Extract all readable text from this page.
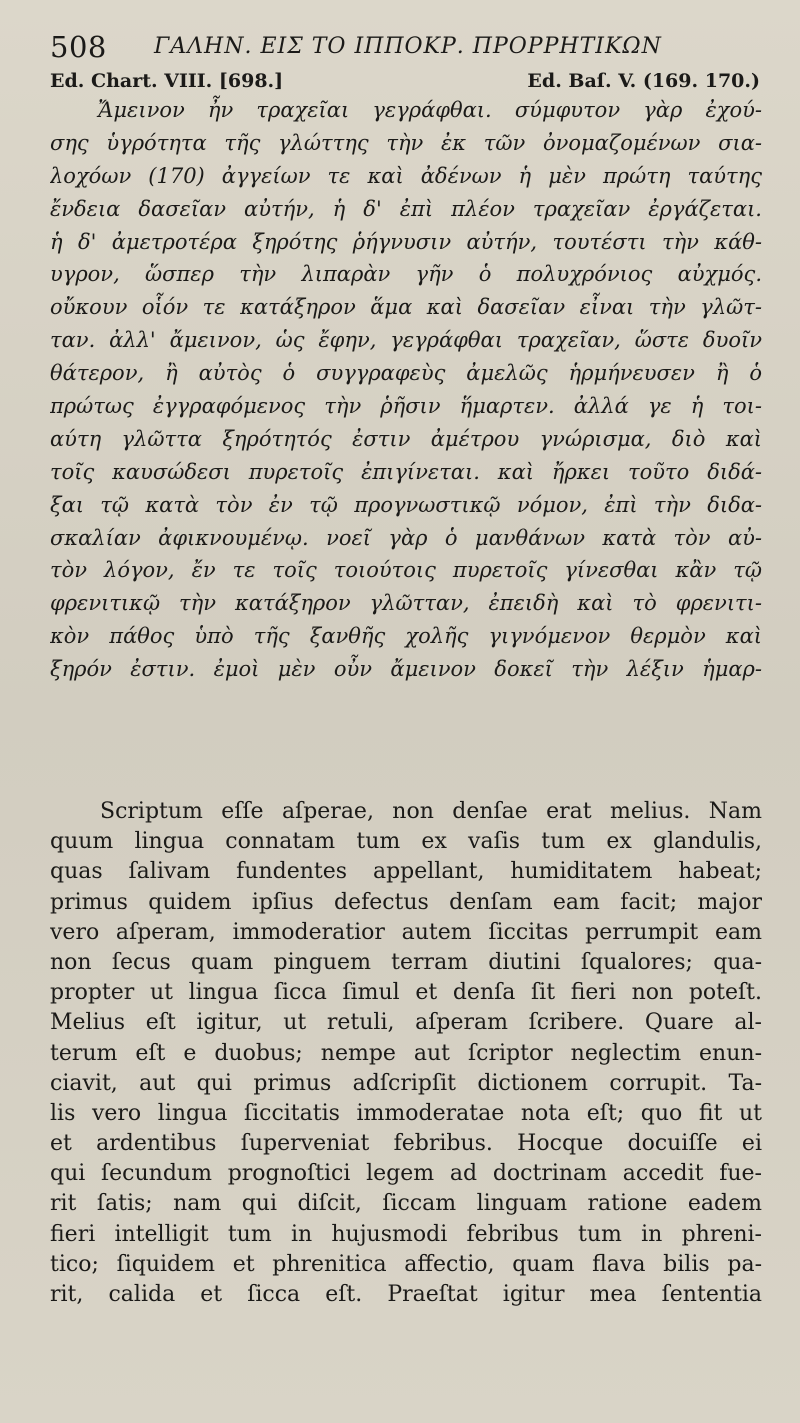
508 ΓΑΛΗΝ. ΕΙΣ ΤΟ ΙΠΠΟΚΡ. ΠΡΟΡΡΗΤΙΚΩΝ
Ed. Chart. VIII. [698.]	Ed. Baſ. V. (169. 170.)
Ἄμεινον ἦν τραχεῖαι γεγράφθαι. σύμφυτον γὰρ ἐχού-
σης ὑγρότητα τῆς γλώττης τὴν ἐκ τῶν ὀνομαζομένων σια-
λοχόων (170) ἀγγείων τε καὶ ἀδένων ἡ μὲν πρώτη ταύτης
ἔνδεια δασεῖαν αὐτήν, ἡ δ' ἐπὶ πλέον τραχεῖαν ἐργάζεται.
ἡ δ' ἀμετροτέρα ξηρότης ῥήγνυσιν αὐτήν, τουτέστι τὴν κάθ-
υγρον, ὥσπερ τὴν λιπαρὰν γῆν ὁ πολυχρόνιος αὐχμός.
οὔκουν οἷόν τε κατάξηρον ἅμα καὶ δασεῖαν εἶναι τὴν γλῶτ-
ταν. ἀλλ' ἄμεινον, ὡς ἔφην, γεγράφθαι τραχεῖαν, ὥστε δυοῖν
θάτερον, ἢ αὐτὸς ὁ συγγραφεὺς ἀμελῶς ἡρμήνευσεν ἢ ὁ
πρώτως ἐγγραφόμενος τὴν ῥῆσιν ἥμαρτεν. ἀλλά γε ἡ τοι-
αύτη γλῶττα ξηρότητός ἐστιν ἀμέτρου γνώρισμα, διὸ καὶ
τοῖς καυσώδεσι πυρετοῖς ἐπιγίνεται. καὶ ἤρκει τοῦτο διδά-
ξαι τῷ κατὰ τὸν ἐν τῷ προγνωστικῷ νόμον, ἐπὶ τὴν διδα-
σκαλίαν ἀφικνουμένῳ. νοεῖ γὰρ ὁ μανθάνων κατὰ τὸν αὐ-
τὸν λόγον, ἔν τε τοῖς τοιούτοις πυρετοῖς γίνεσθαι κἂν τῷ
φρενιτικῷ τὴν κατάξηρον γλῶτταν, ἐπειδὴ καὶ τὸ φρενιτι-
κὸν πάθος ὑπὸ τῆς ξανθῆς χολῆς γιγνόμενον θερμὸν καὶ
ξηρόν ἐστιν. ἐμοὶ μὲν οὖν ἄμεινον δοκεῖ τὴν λέξιν ἡμαρ-
Scriptum eſſe aſperae, non denſae erat melius. Nam
quum lingua connatam tum ex vaſis tum ex glandulis,
quas ſalivam fundentes appellant, humiditatem habeat;
primus quidem ipſius defectus denſam eam facit; major
vero aſperam, immoderatior autem ſiccitas perrumpit eam
non ſecus quam pinguem terram diutini ſqualores; qua-
propter ut lingua ſicca ſimul et denſa ſit fieri non poteſt.
Melius eſt igitur, ut retuli, aſperam ſcribere. Quare al-
terum eſt e duobus; nempe aut ſcriptor neglectim enun-
ciavit, aut qui primus adſcripſit dictionem corrupit. Ta-
lis vero lingua ſiccitatis immoderatae nota eſt; quo fit ut
et ardentibus ſuperveniat febribus. Hocque docuiſſe ei
qui ſecundum prognoſtici legem ad doctrinam accedit fue-
rit ſatis; nam qui diſcit, ſiccam linguam ratione eadem
fieri intelligit tum in hujusmodi febribus tum in phreni-
tico; ſiquidem et phrenitica affectio, quam flava bilis pa-
rit, calida et ſicca eſt. Praeſtat igitur mea ſententia
